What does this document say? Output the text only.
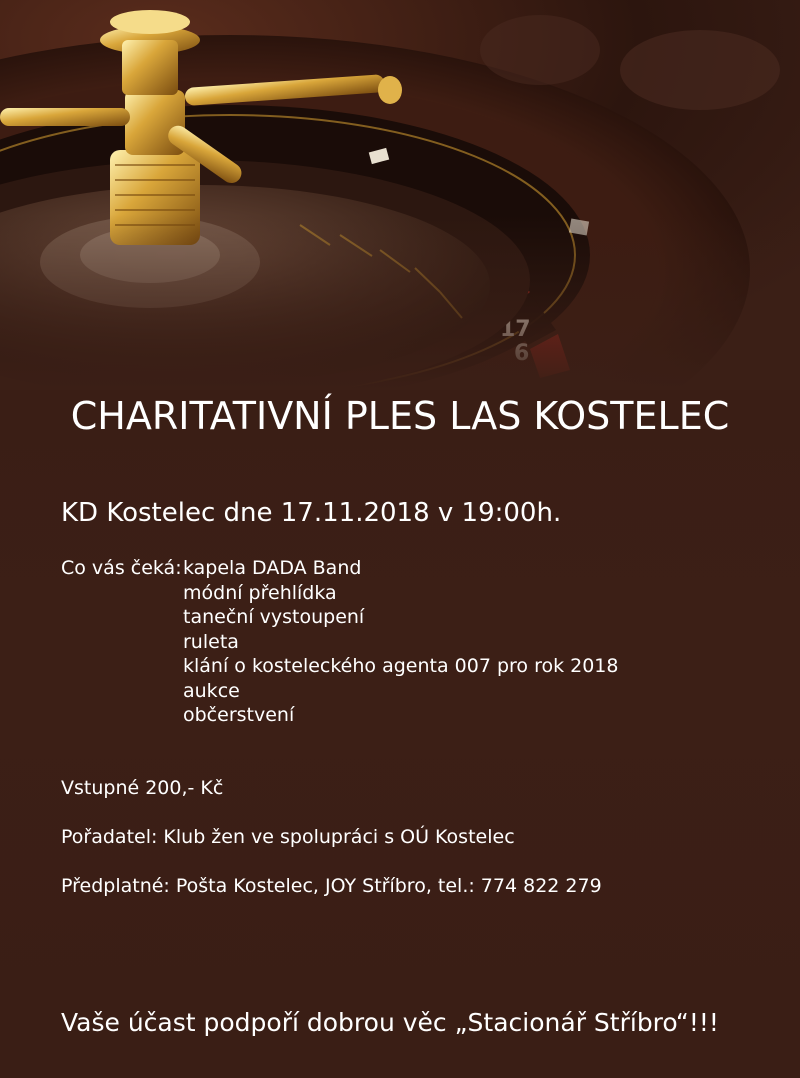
CHARITATIVNÍ PLES LAS KOSTELEC
KD Kostelec dne 17.11.2018 v 19:00h.
Co vás čeká: kapela DADA Band
módní přehlídka
taneční vystoupení
ruleta
klání o kosteleckého agenta 007 pro rok 2018
aukce
občerstvení
Vstupné 200,- Kč
Pořadatel: Klub žen ve spolupráci s OÚ Kostelec
Předplatné: Pošta Kostelec, JOY Stříbro, tel.: 774 822 279
Vaše účast podpoří dobrou věc „Stacionář Stříbro“!!!
